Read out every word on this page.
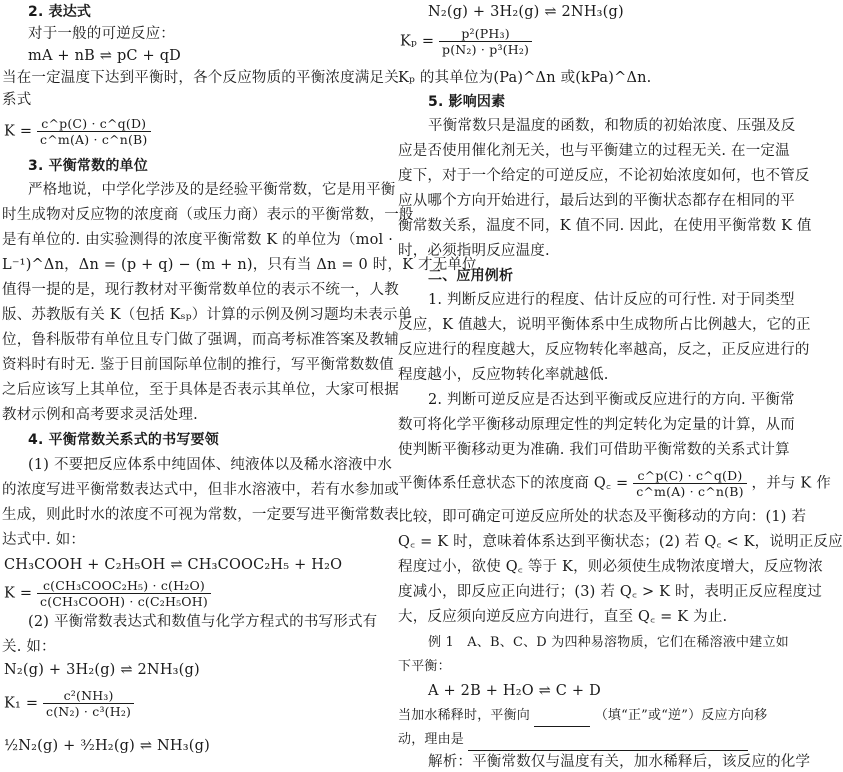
2. 表达式
对于一般的可逆反应：
mA + nB ⇌ pC + qD
当在一定温度下达到平衡时，各个反应物质的平衡浓度满足关
系式
$K = \frac{c\^{}p(C) \cdot c\^{}q(D)}{c\^{}m(A) \cdot c\^{}n(B)}$
3. 平衡常数的单位
严格地说，中学化学涉及的是经验平衡常数，它是用平衡
时生成物对反应物的浓度商（或压力商）表示的平衡常数，一般
是有单位的. 由实验测得的浓度平衡常数 K 的单位为（mol ·
L⁻¹)^Δn，Δn = (p + q) − (m + n)，只有当 Δn = 0 时，K 才无单位.
值得一提的是，现行教材对平衡常数单位的表示不统一，人教
版、苏教版有关 K（包括 Kₛₚ）计算的示例及例习题均未表示单
位，鲁科版带有单位且专门做了强调，而高考标准答案及教辅
资料时有时无. 鉴于目前国际单位制的推行，写平衡常数数值
之后应该写上其单位，至于具体是否表示其单位，大家可根据
教材示例和高考要求灵活处理.
4. 平衡常数关系式的书写要领
(1) 不要把反应体系中纯固体、纯液体以及稀水溶液中水
的浓度写进平衡常数表达式中，但非水溶液中，若有水参加或
生成，则此时水的浓度不可视为常数，一定要写进平衡常数表
达式中. 如：
CH₃COOH + C₂H₅OH ⇌ CH₃COOC₂H₅ + H₂O
$K = \frac{\text{c(CH₃COOC₂H₅) · c(H₂O)}}{\text{c(CH₃COOH) · c(C₂H₅OH)}}$
(2) 平衡常数表达式和数值与化学方程式的书写形式有
关. 如：
N₂(g) + 3H₂(g) ⇌ 2NH₃(g)
$K_1 = \frac{\text{c²(NH₃)}}{\text{c(N₂) · c³(H₂)}}$
½N₂(g) + ³⁄₂H₂(g) ⇌ NH₃(g)
N₂(g) + 3H₂(g) ⇌ 2NH₃(g)
$K_p = \frac{\text{p²(PH₃)}}{\text{p(N₂) · p³(H₂)}}$
Kₚ 的其单位为(Pa)^Δn 或(kPa)^Δn.
5. 影响因素
平衡常数只是温度的函数，和物质的初始浓度、压强及反
应是否使用催化剂无关，也与平衡建立的过程无关. 在一定温
度下，对于一个给定的可逆反应，不论初始浓度如何，也不管反
应从哪个方向开始进行，最后达到的平衡状态都存在相同的平
衡常数关系，温度不同，K 值不同. 因此，在使用平衡常数 K 值
时，必须指明反应温度.
二、应用例析
1. 判断反应进行的程度、估计反应的可行性. 对于同类型
反应，K 值越大，说明平衡体系中生成物所占比例越大，它的正
反应进行的程度越大，反应物转化率越高，反之，正反应进行的
程度越小，反应物转化率就越低.
2. 判断可逆反应是否达到平衡或反应进行的方向. 平衡常
数可将化学平衡移动原理定性的判定转化为定量的计算，从而
使判断平衡移动更为准确. 我们可借助平衡常数的关系式计算
平衡体系任意状态下的浓度商 Q꜀ = $\frac{c\^{}p(C) \cdot c\^{}q(D)}{c\^{}m(A) \cdot c\^{}n(B)}$ ，并与 K 作
比较，即可确定可逆反应所处的状态及平衡移动的方向：(1) 若
Q꜀ = K 时，意味着体系达到平衡状态；(2) 若 Q꜀ < K，说明正反应
程度过小，欲使 Q꜀ 等于 K，则必须使生成物浓度增大，反应物浓
度减小，即反应正向进行；(3) 若 Q꜀ > K 时，表明正反应程度过
大，反应须向逆反应方向进行，直至 Q꜀ = K 为止.
例 1　A、B、C、D 为四种易溶物质，它们在稀溶液中建立如
下平衡：
A + 2B + H₂O ⇌ C + D
当加水稀释时，平衡向	（填“正”或“逆”）反应方向移
动，理由是
解析：平衡常数仅与温度有关，加水稀释后，该反应的化学
